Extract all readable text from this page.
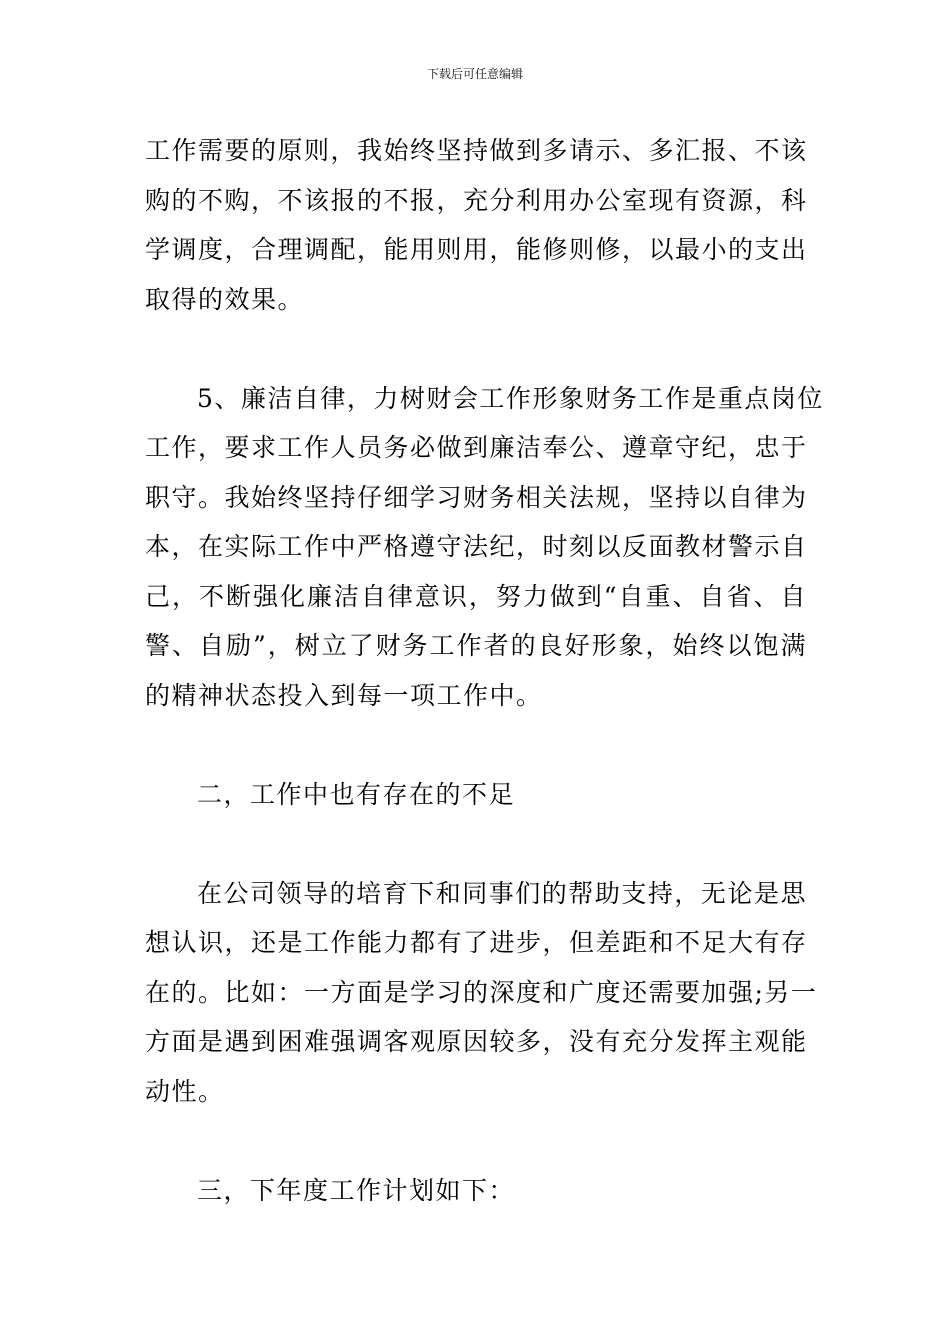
下载后可任意编辑

工作需要的原则，我始终坚持做到多请示、多汇报、不该
购的不购，不该报的不报，充分利用办公室现有资源，科
学调度，合理调配，能用则用，能修则修，以最小的支出
取得的效果。

5、廉洁自律，力树财会工作形象财务工作是重点岗位
工作，要求工作人员务必做到廉洁奉公、遵章守纪，忠于
职守。我始终坚持仔细学习财务相关法规，坚持以自律为
本，在实际工作中严格遵守法纪，时刻以反面教材警示自
己，不断强化廉洁自律意识，努力做到“自重、自省、自
警、自励”，树立了财务工作者的良好形象，始终以饱满
的精神状态投入到每一项工作中。

二，工作中也有存在的不足

在公司领导的培育下和同事们的帮助支持，无论是思
想认识，还是工作能力都有了进步，但差距和不足大有存
在的。比如：一方面是学习的深度和广度还需要加强;另一
方面是遇到困难强调客观原因较多，没有充分发挥主观能
动性。

三，下年度工作计划如下：
